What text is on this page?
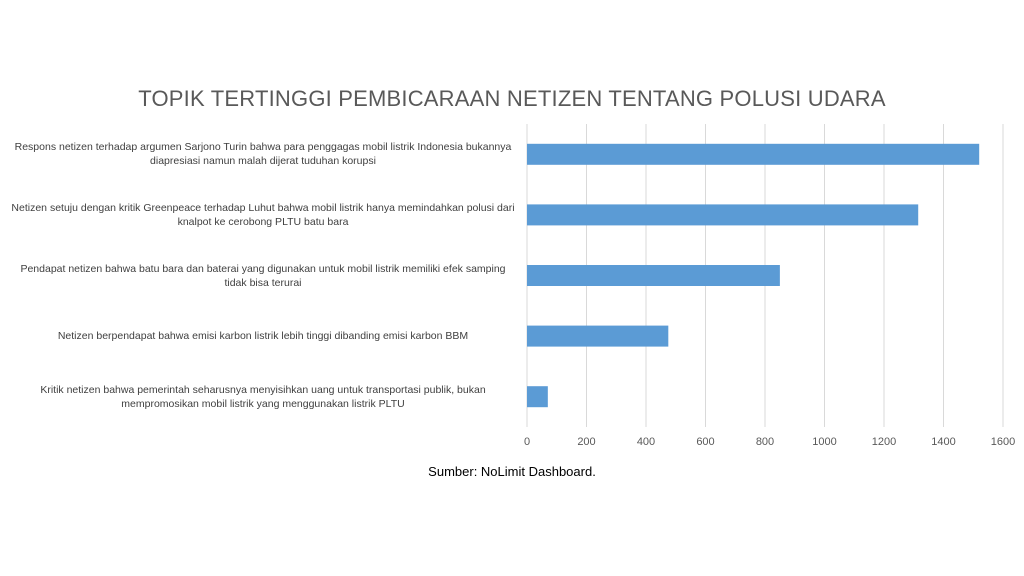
0	200	400	600	800	1000	1200	1400	1600
TOPIK TERTINGGI PEMBICARAAN NETIZEN TENTANG POLUSI UDARA
Respons netizen terhadap argumen Sarjono Turin bahwa para penggagas mobil listrik Indonesia bukannya diapresiasi namun malah dijerat tuduhan korupsi
Netizen setuju dengan kritik Greenpeace terhadap Luhut bahwa mobil listrik hanya memindahkan polusi dari knalpot ke cerobong PLTU batu bara
Pendapat netizen bahwa batu bara dan baterai yang digunakan untuk mobil listrik memiliki efek samping tidak bisa terurai
Netizen berpendapat bahwa emisi karbon listrik lebih tinggi dibanding emisi karbon BBM
Kritik netizen bahwa pemerintah seharusnya menyisihkan uang untuk transportasi publik, bukan mempromosikan mobil listrik yang menggunakan listrik PLTU
Sumber: NoLimit Dashboard.
